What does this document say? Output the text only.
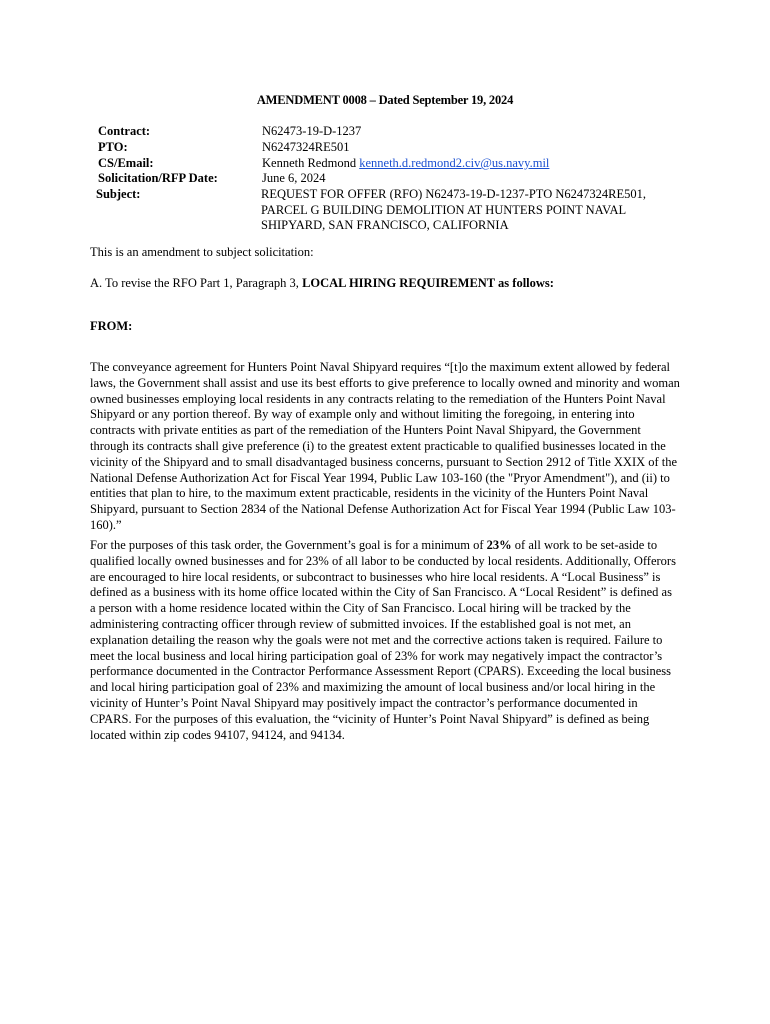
AMENDMENT 0008 – Dated September 19, 2024
Contract:	N62473-19-D-1237
PTO:	N6247324RE501
CS/Email:	Kenneth Redmond kenneth.d.redmond2.civ@us.navy.mil
Solicitation/RFP Date:	June 6, 2024
Subject:	REQUEST FOR OFFER (RFO) N62473-19-D-1237-PTO N6247324RE501, PARCEL G BUILDING DEMOLITION AT HUNTERS POINT NAVAL SHIPYARD, SAN FRANCISCO, CALIFORNIA
This is an amendment to subject solicitation:
A. To revise the RFO Part 1, Paragraph 3, LOCAL HIRING REQUIREMENT as follows:
FROM:
The conveyance agreement for Hunters Point Naval Shipyard requires “[t]o the maximum extent allowed by federal laws, the Government shall assist and use its best efforts to give preference to locally owned and minority and woman owned businesses employing local residents in any contracts relating to the remediation of the Hunters Point Naval Shipyard or any portion thereof. By way of example only and without limiting the foregoing, in entering into contracts with private entities as part of the remediation of the Hunters Point Naval Shipyard, the Government through its contracts shall give preference (i) to the greatest extent practicable to qualified businesses located in the vicinity of the Shipyard and to small disadvantaged business concerns, pursuant to Section 2912 of Title XXIX of the National Defense Authorization Act for Fiscal Year 1994, Public Law 103-160 (the "Pryor Amendment"), and (ii) to entities that plan to hire, to the maximum extent practicable, residents in the vicinity of the Hunters Point Naval Shipyard, pursuant to Section 2834 of the National Defense Authorization Act for Fiscal Year 1994 (Public Law 103-160).”
For the purposes of this task order, the Government’s goal is for a minimum of 23% of all work to be set-aside to qualified locally owned businesses and for 23% of all labor to be conducted by local residents. Additionally, Offerors are encouraged to hire local residents, or subcontract to businesses who hire local residents. A “Local Business” is defined as a business with its home office located within the City of San Francisco. A “Local Resident” is defined as a person with a home residence located within the City of San Francisco. Local hiring will be tracked by the administering contracting officer through review of submitted invoices. If the established goal is not met, an explanation detailing the reason why the goals were not met and the corrective actions taken is required. Failure to meet the local business and local hiring participation goal of 23% for work may negatively impact the contractor’s performance documented in the Contractor Performance Assessment Report (CPARS). Exceeding the local business and local hiring participation goal of 23% and maximizing the amount of local business and/or local hiring in the vicinity of Hunter’s Point Naval Shipyard may positively impact the contractor’s performance documented in CPARS. For the purposes of this evaluation, the “vicinity of Hunter’s Point Naval Shipyard” is defined as being located within zip codes 94107, 94124, and 94134.
